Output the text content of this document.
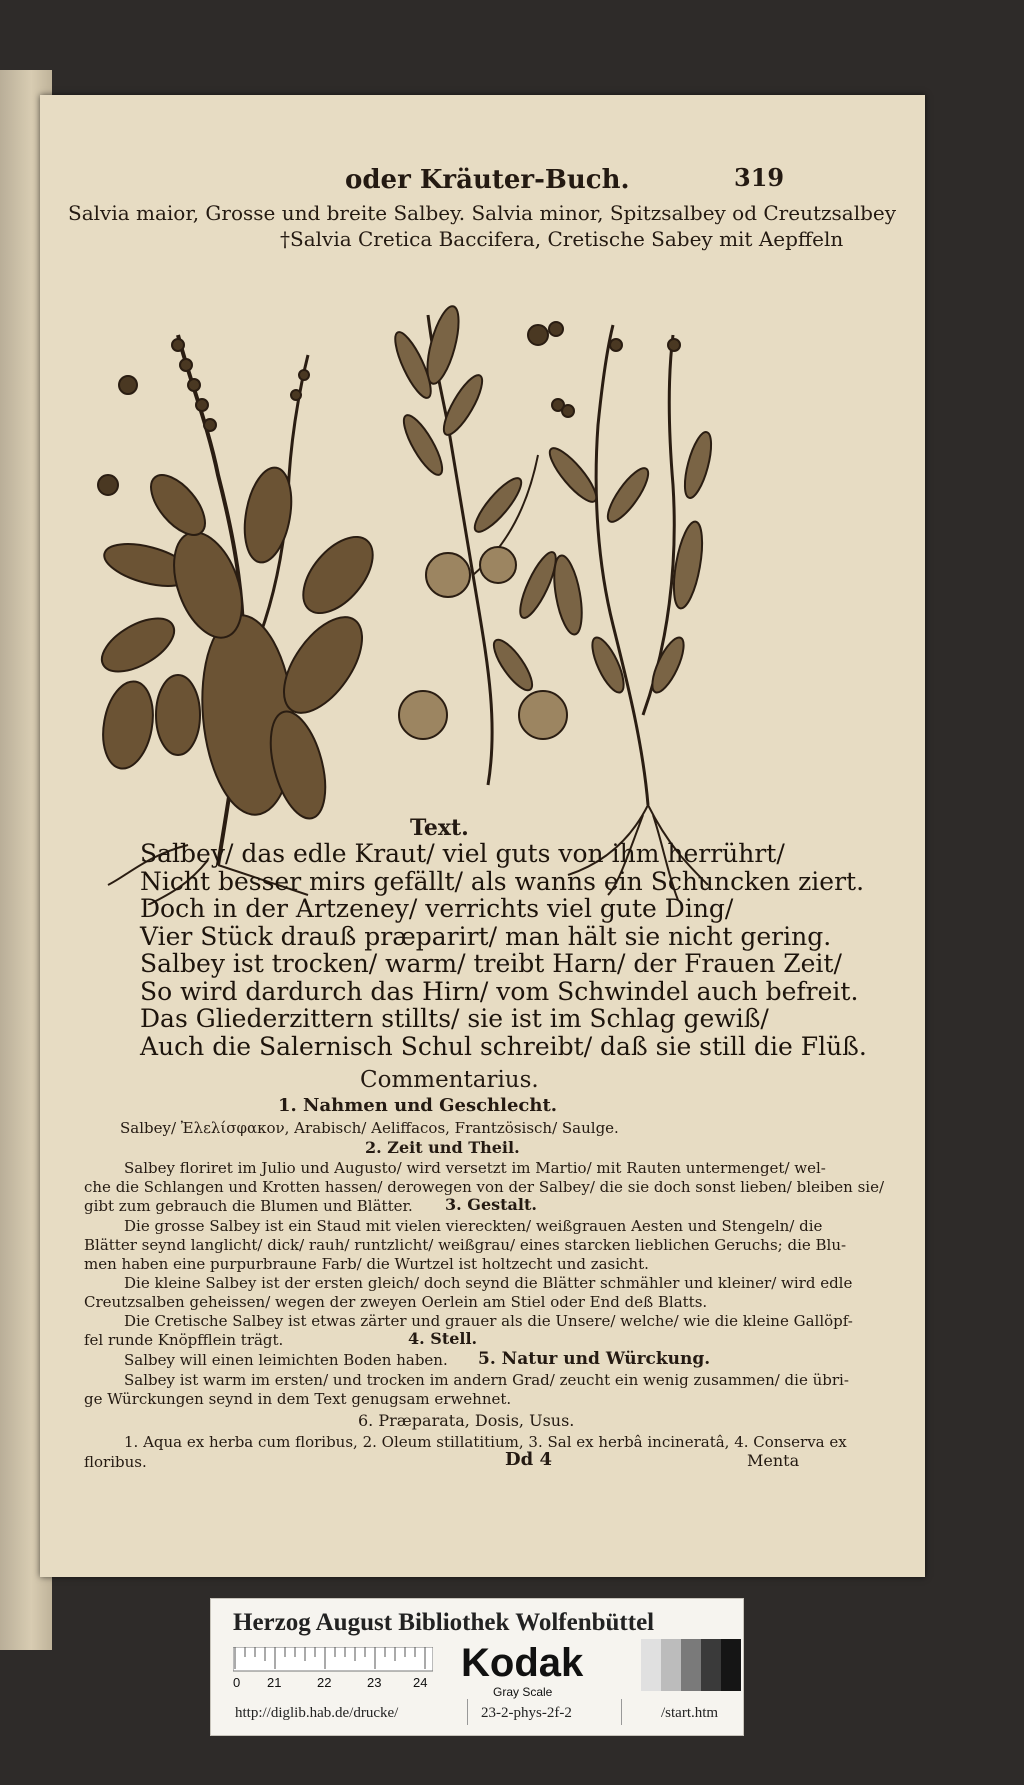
oder Kräuter-Buch.	319
Salvia maior, Grosse und breite Salbey. Salvia minor, Spitzsalbey od Creutzsalbey
†Salvia Cretica Baccifera, Cretische Sabey mit Aepffeln
Text.
Salbey/ das edle Kraut/ viel guts von ihm herrührt/
Nicht besser mirs gefällt/ als wanns ein Schuncken ziert.
Doch in der Artzeney/ verrichts viel gute Ding/
Vier Stück drauß præparirt/ man hält sie nicht gering.
Salbey ist trocken/ warm/ treibt Harn/ der Frauen Zeit/
So wird dardurch das Hirn/ vom Schwindel auch befreit.
Das Gliederzittern stillts/ sie ist im Schlag gewiß/
Auch die Salernisch Schul schreibt/ daß sie still die Flüß.
Commentarius.
1. Nahmen und Geschlecht.
Salbey/ Ἐλελίσφακον, Arabisch/ Aeliffacos, Frantzösisch/ Saulge.
2. Zeit und Theil.
Salbey floriret im Julio und Augusto/ wird versetzt im Martio/ mit Rauten untermenget/ wel-
che die Schlangen und Krotten hassen/ derowegen von der Salbey/ die sie doch sonst lieben/ bleiben sie/
gibt zum gebrauch die Blumen und Blätter. 3. Gestalt.
Die grosse Salbey ist ein Staud mit vielen viereckten/ weißgrauen Aesten und Stengeln/ die
Blätter seynd langlicht/ dick/ rauh/ runtzlicht/ weißgrau/ eines starcken lieblichen Geruchs; die Blu-
men haben eine purpurbraune Farb/ die Wurtzel ist holtzecht und zasicht.
Die kleine Salbey ist der ersten gleich/ doch seynd die Blätter schmähler und kleiner/ wird edle
Creutzsalben geheissen/ wegen der zweyen Oerlein am Stiel oder End deß Blatts.
Die Cretische Salbey ist etwas zärter und grauer als die Unsere/ welche/ wie die kleine Gallöpf-
fel runde Knöpfflein trägt.	4. Stell.
Salbey will einen leimichten Boden haben. 5. Natur und Würckung.
Salbey ist warm im ersten/ und trocken im andern Grad/ zeucht ein wenig zusammen/ die übri-
ge Würckungen seynd in dem Text genugsam erwehnet.
6. Præparata, Dosis, Usus.
1. Aqua ex herba cum floribus, 2. Oleum stillatitium, 3. Sal ex herbâ incineratâ, 4. Conserva ex
floribus.	Dd 4	Menta
Herzog August Bibliothek Wolfenbüttel
0 21	22	23 24 Kodak
Gray Scale
http://diglib.hab.de/drucke/	23-2-phys-2f-2	/start.htm
